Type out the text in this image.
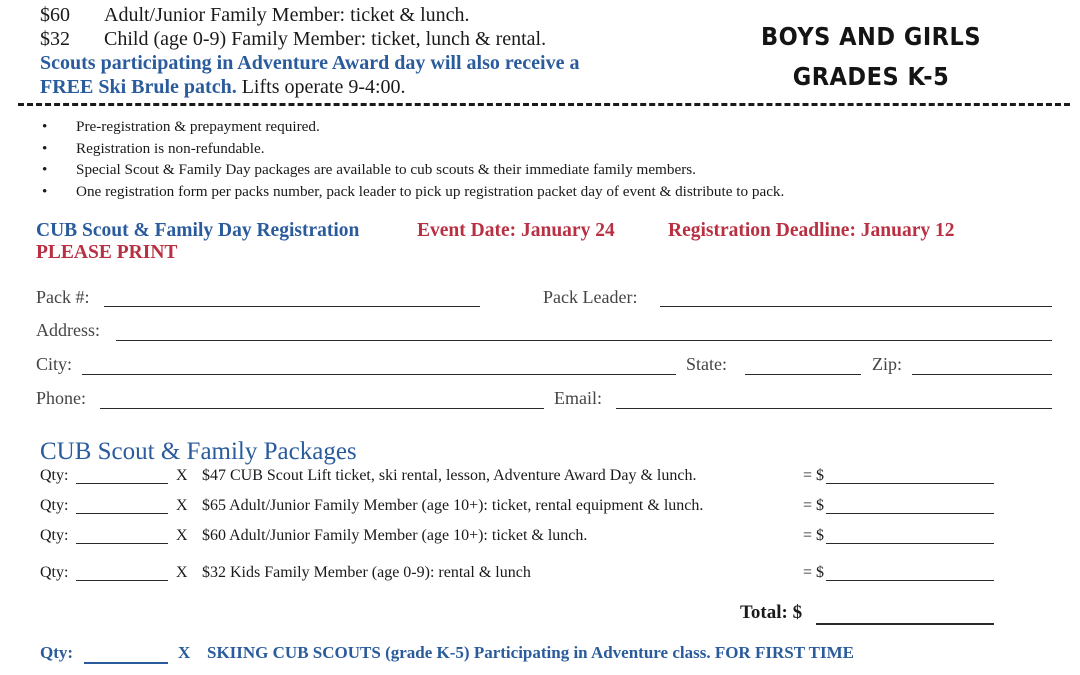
$60 Adult/Junior Family Member: ticket & lunch.
$32 Child (age 0-9) Family Member: ticket, lunch & rental.
Scouts participating in Adventure Award day will also receive a
FREE Ski Brule patch. Lifts operate 9-4:00.
BOYS AND GIRLS
GRADES K-5
• Pre-registration & prepayment required.
• Registration is non-refundable.
• Special Scout & Family Day packages are available to cub scouts & their immediate family members.
• One registration form per packs number, pack leader to pick up registration packet day of event & distribute to pack.
CUB Scout & Family Day Registration	Event Date: January 24	Registration Deadline: January 12
PLEASE PRINT
Pack #:	Pack Leader:
Address:
City:	State:	Zip:
Phone:	Email:
CUB Scout & Family Packages
Qty:	X $47 CUB Scout Lift ticket, ski rental, lesson, Adventure Award Day & lunch.	= $
Qty:	X $65 Adult/Junior Family Member (age 10+): ticket, rental equipment & lunch.	= $
Qty:	X $60 Adult/Junior Family Member (age 10+): ticket & lunch.	= $
Qty:	X $32 Kids Family Member (age 0-9): rental & lunch	= $
Total: $
Qty:	X SKIING CUB SCOUTS (grade K-5) Participating in Adventure class. FOR FIRST TIME
